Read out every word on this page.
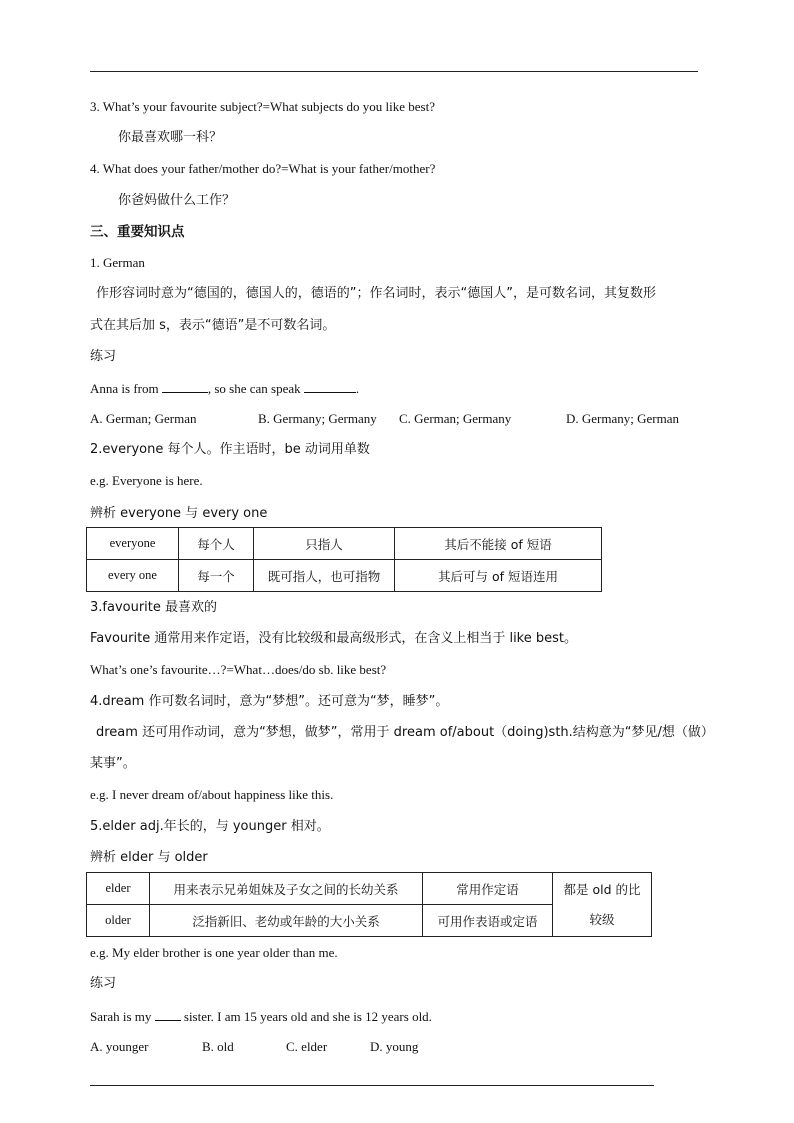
3. What’s your favourite subject?=What subjects do you like best?
你最喜欢哪一科？
4. What does your father/mother do?=What is your father/mother?
你爸妈做什么工作？
三、重要知识点
1. German
作形容词时意为“德国的，德国人的，德语的”；作名词时，表示“德国人”，是可数名词，其复数形
式在其后加 s，表示“德语”是不可数名词。
练习
Anna is from	, so she can speak	.
A. German; German	B. Germany; Germany C. German; Germany	D. Germany; German
2.everyone 每个人。作主语时，be 动词用单数
e.g. Everyone is here.
辨析 everyone 与 every one
everyone	每个人	只指人	其后不能接 of 短语
every one	每一个	既可指人，也可指物	其后可与 of 短语连用
3.favourite 最喜欢的
Favourite 通常用来作定语，没有比较级和最高级形式，在含义上相当于 like best。
What’s one’s favourite…?=What…does/do sb. like best?
4.dream 作可数名词时，意为“梦想”。还可意为“梦，睡梦”。
dream 还可用作动词，意为“梦想，做梦”，常用于 dream of/about（doing)sth.结构意为“梦见/想（做）
某事”。
e.g. I never dream of/about happiness like this.
5.elder adj.年长的，与 younger 相对。
辨析 elder 与 older
elder	用来表示兄弟姐妹及子女之间的长幼关系	常用作定语	都是 old 的比较级
older	泛指新旧、老幼或年龄的大小关系	可用作表语或定语	
e.g. My elder brother is one year older than me.
练习
Sarah is my  sister. I am 15 years old and she is 12 years old.
A. younger	B. old	C. elder	D. young
